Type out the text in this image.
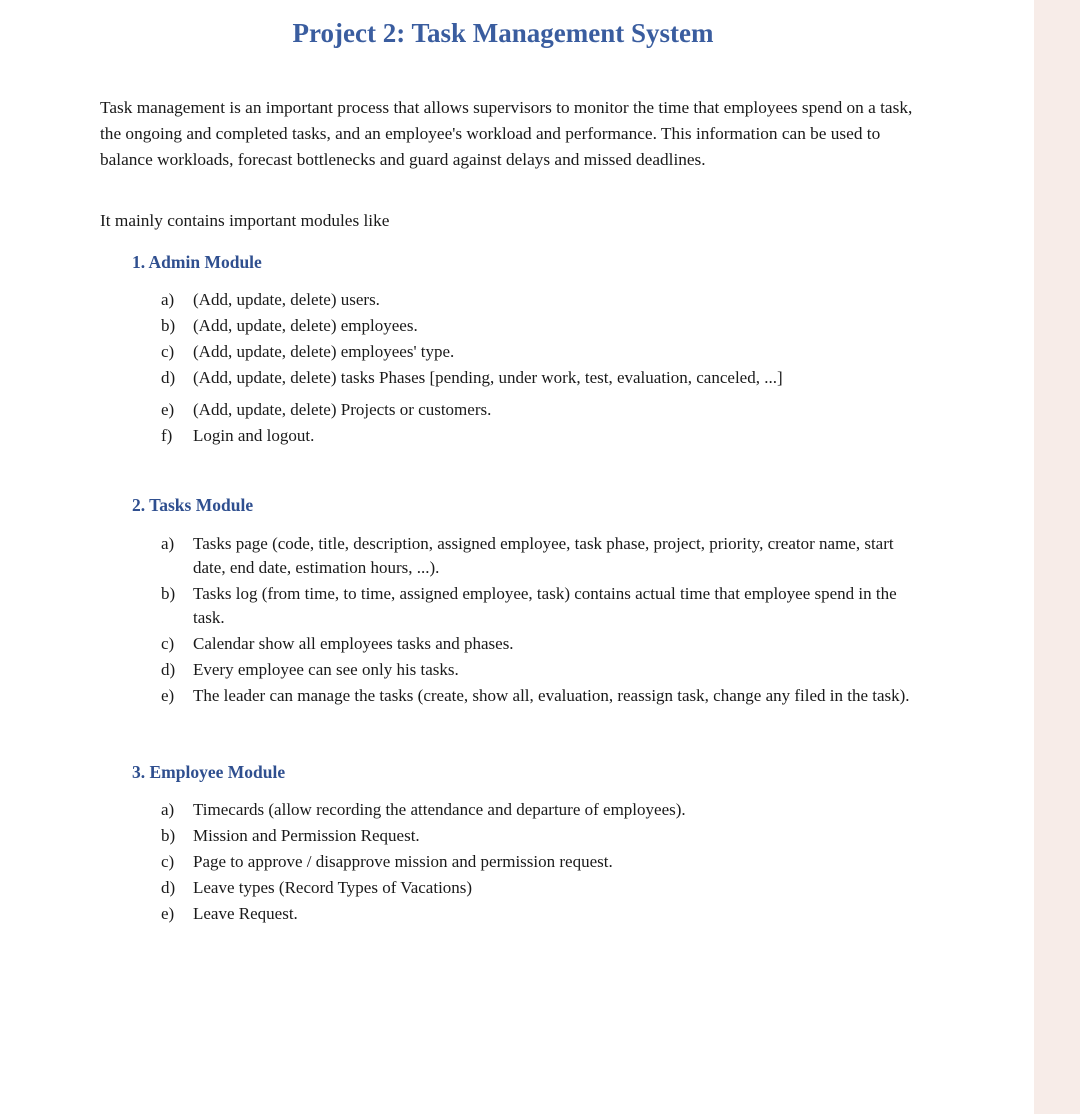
Project 2: Task Management System

Task management is an important process that allows supervisors to monitor the time that employees spend on a task, the ongoing and completed tasks, and an employee's workload and performance. This information can be used to balance workloads, forecast bottlenecks and guard against delays and missed deadlines.

It mainly contains important modules like

1. Admin Module
a)	(Add, update, delete) users.
b)	(Add, update, delete) employees.
c)	(Add, update, delete) employees' type.
d)	(Add, update, delete) tasks Phases [pending, under work, test, evaluation, canceled, ...]
e)	(Add, update, delete) Projects or customers.
f)	Login and logout.
2. Tasks Module
a)	Tasks page (code, title, description, assigned employee, task phase, project, priority, creator name, start date, end date, estimation hours, ...).
b)	Tasks log (from time, to time, assigned employee, task) contains actual time that employee spend in the task.
c)	Calendar show all employees tasks and phases.
d)	Every employee can see only his tasks.
e)	The leader can manage the tasks (create, show all, evaluation, reassign task, change any filed in the task).
3. Employee Module
a)	Timecards (allow recording the attendance and departure of employees).
b)	Mission and Permission Request.
c)	Page to approve / disapprove mission and permission request.
d)	Leave types (Record Types of Vacations)
e)	Leave Request.
